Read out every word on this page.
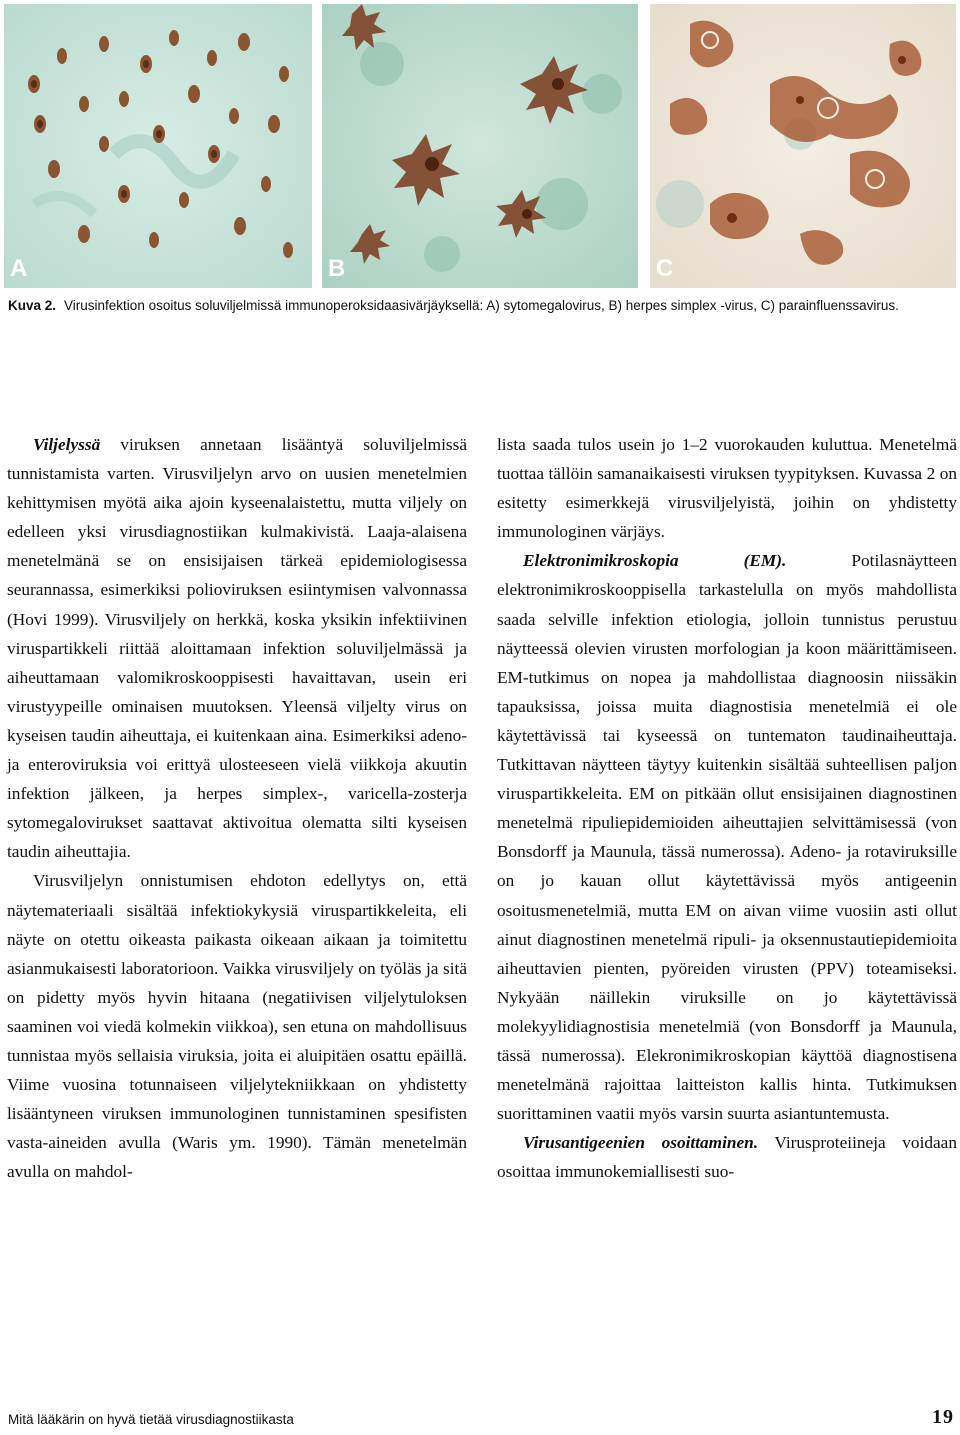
A	B	C
Kuva 2. Virusinfektion osoitus soluviljelmissä immunoperoksidaasivärjäyksellä: A) sytomegalovirus, B) herpes simplex -virus, C) parainfluenssavirus.

Viljelyssä viruksen annetaan lisääntyä soluviljelmissä tunnistamista varten. Virusviljelyn arvo on uusien menetelmien kehittymisen myötä aika ajoin kyseenalaistettu, mutta viljely on edelleen yksi virusdiagnostiikan kulmakivistä. Laaja-alaisena menetelmänä se on ensisijaisen tärkeä epidemiologisessa seurannassa, esimerkiksi polioviruksen esiintymisen valvonnassa (Hovi 1999). Virusviljely on herkkä, koska yksikin infektiivinen viruspartikkeli riittää aloittamaan infektion soluviljelmässä ja aiheuttamaan valomikroskooppisesti havaittavan, usein eri virustyypeille ominaisen muutoksen. Yleensä viljelty virus on kyseisen taudin aiheuttaja, ei kuitenkaan aina. Esimerkiksi adeno- ja enteroviruksia voi erittyä ulosteeseen vielä viikkoja akuutin infektion jälkeen, ja herpes simplex-, varicella-zosterja sytomegalovirukset saattavat aktivoitua olematta silti kyseisen taudin aiheuttajia.

Virusviljelyn onnistumisen ehdoton edellytys on, että näytemateriaali sisältää infektiokykysiä viruspartikkeleita, eli näyte on otettu oikeasta paikasta oikeaan aikaan ja toimitettu asianmukaisesti laboratorioon. Vaikka virusviljely on työläs ja sitä on pidetty myös hyvin hitaana (negatiivisen viljelytuloksen saaminen voi viedä kolmekin viikkoa), sen etuna on mahdollisuus tunnistaa myös sellaisia viruksia, joita ei aluipitäen osattu epäillä. Viime vuosina totunnaiseen viljelytekniikkaan on yhdistetty lisääntyneen viruksen immunologinen tunnistaminen spesifisten vasta-aineiden avulla (Waris ym. 1990). Tämän menetelmän avulla on mahdol-

lista saada tulos usein jo 1–2 vuorokauden kuluttua. Menetelmä tuottaa tällöin samanaikaisesti viruksen tyypityksen. Kuvassa 2 on esitetty esimerkkejä virusviljelyistä, joihin on yhdistetty immunologinen värjäys.

Elektronimikroskopia (EM). Potilasnäytteen elektronimikroskooppisella tarkastelulla on myös mahdollista saada selville infektion etiologia, jolloin tunnistus perustuu näytteessä olevien virusten morfologian ja koon määrittämiseen. EM-tutkimus on nopea ja mahdollistaa diagnoosin niissäkin tapauksissa, joissa muita diagnostisia menetelmiä ei ole käytettävissä tai kyseessä on tuntematon taudinaiheuttaja. Tutkittavan näytteen täytyy kuitenkin sisältää suhteellisen paljon viruspartikkeleita. EM on pitkään ollut ensisijainen diagnostinen menetelmä ripuliepidemioiden aiheuttajien selvittämisessä (von Bonsdorff ja Maunula, tässä numerossa). Adeno- ja rotaviruksille on jo kauan ollut käytettävissä myös antigeenin osoitusmenetelmiä, mutta EM on aivan viime vuosiin asti ollut ainut diagnostinen menetelmä ripuli- ja oksennustautiepidemioita aiheuttavien pienten, pyöreiden virusten (PPV) toteamiseksi. Nykyään näillekin viruksille on jo käytettävissä molekyylidiagnostisia menetelmiä (von Bonsdorff ja Maunula, tässä numerossa). Elekronimikroskopian käyttöä diagnostisena menetelmänä rajoittaa laitteiston kallis hinta. Tutkimuksen suorittaminen vaatii myös varsin suurta asiantuntemusta.

Virusantigeenien osoittaminen. Virusproteiineja voidaan osoittaa immunokemiallisesti suo-

Mitä lääkärin on hyvä tietää virusdiagnostiikasta	19
